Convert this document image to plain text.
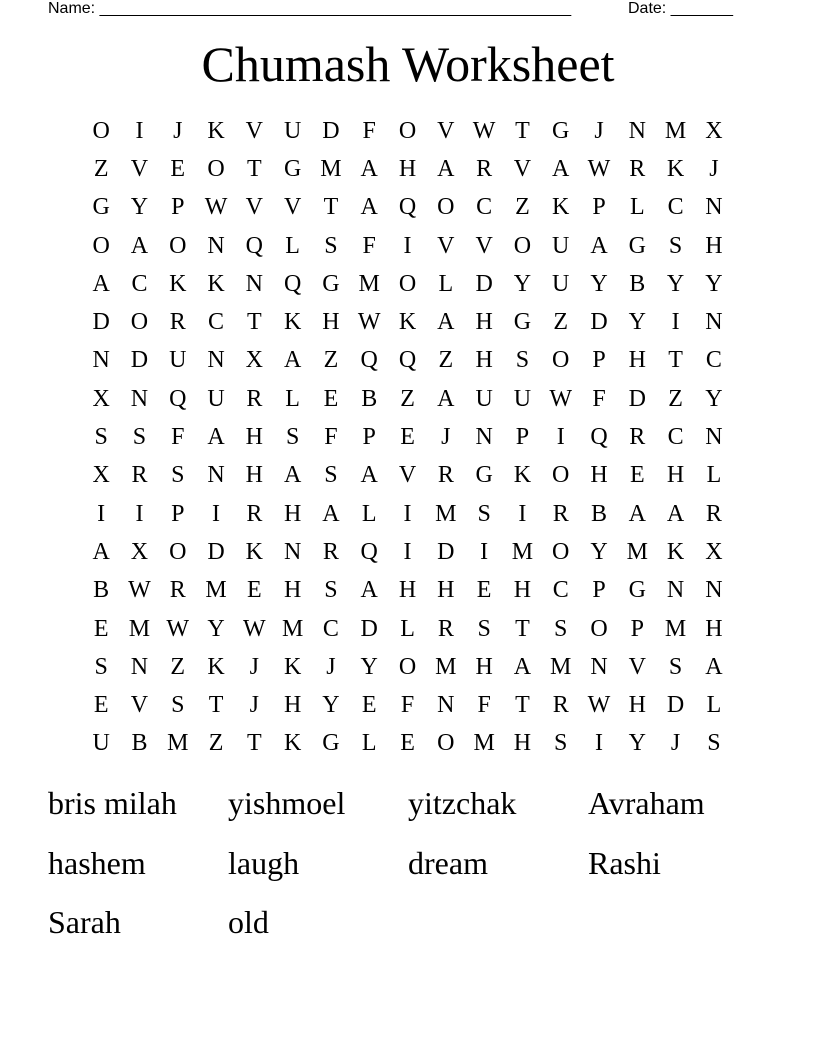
Name: _____________________________________________________	Date: _______
Chumash Worksheet
O	I	J	K V U D F O V W T G	J	N M X
Z V E O T G M A H A R V A W R K	J
G Y P W V V T A Q O C Z K P	L C N
O A O N Q L	S	F	I	V V O U A G S H
A C K K N Q G M O L D Y U Y B Y Y
D O R C T K H W K A H G Z D Y	I	N
N D U N X A Z Q Q Z H S O P H T C
X N Q U R L E B Z A U U W F D Z Y
S	S	F A H S	F	P	E	J	N P	I	Q R C N
X R S N H A S A V R G K O H E H L
I	I	P	I	R H A L	I M S	I	R B A A R
A X O D K N R Q	I	D	I M O Y M K X
B W R M E H S A H H E H C P G N N
E M W Y W M C D L R S	T	S O P M H
S N Z K	J	K	J	Y O M H A M N V S A
E V S	T	J	H Y E	F N F	T R W H D L
U B M Z T K G L E O M H S	I	Y	J	S
bris milah	yishmoel	yitzchak	Avraham
hashem	laugh	dream	Rashi
Sarah	old
